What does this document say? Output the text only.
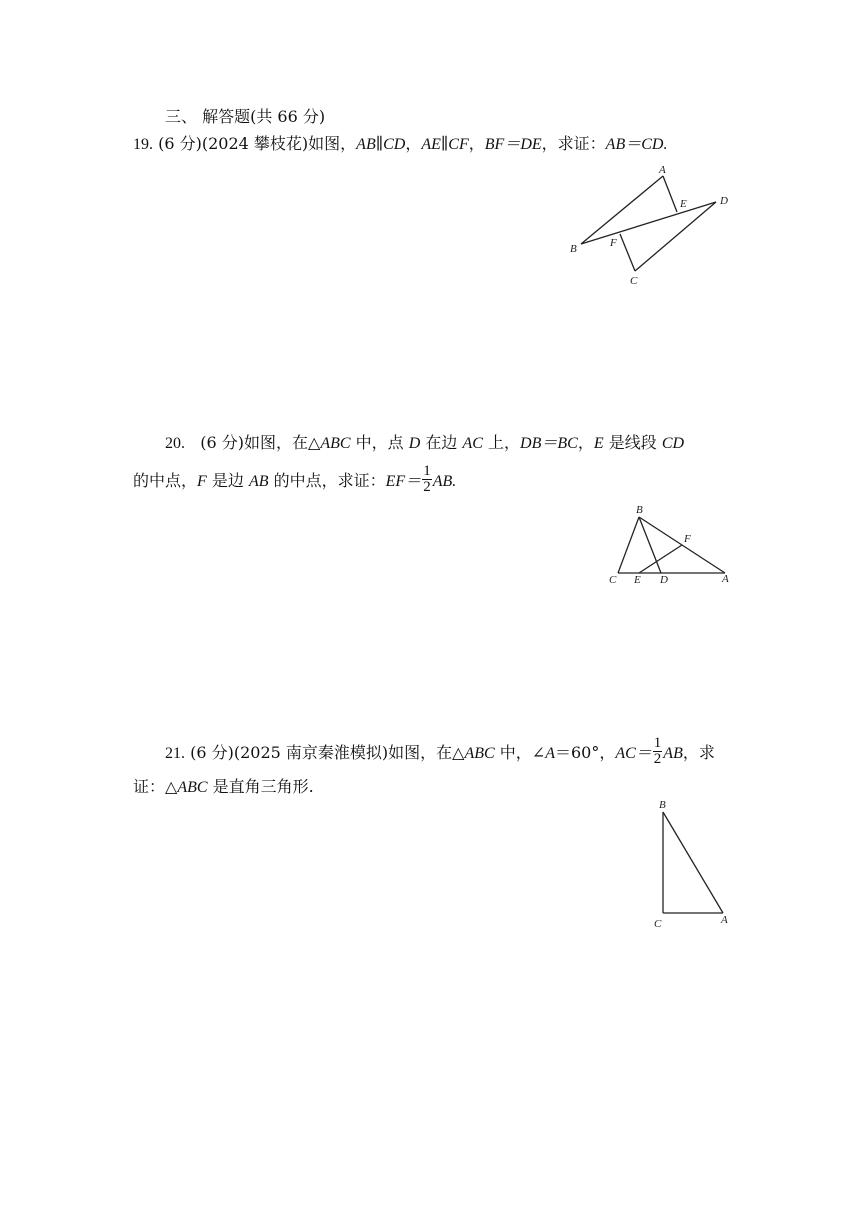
三、 解答题(共 66 分)
19. (6 分)(2024 攀枝花)如图，AB∥CD，AE∥CF，BF＝DE，求证：AB＝CD.
A
B
C
D
E
F
20. (6 分)如图，在△ABC 中，点 D 在边 AC 上，DB＝BC，E 是线段 CD
的中点，F 是边 AB 的中点，求证：$EF= \frac{1}{2}$ AB.
B
C E D	A
F
21. (6 分)(2025 南京秦淮模拟)如图，在△ABC 中，∠A＝60°，$AC= \frac{1}{2}$ AB，求
证：△ABC 是直角三角形.
B
C	A
